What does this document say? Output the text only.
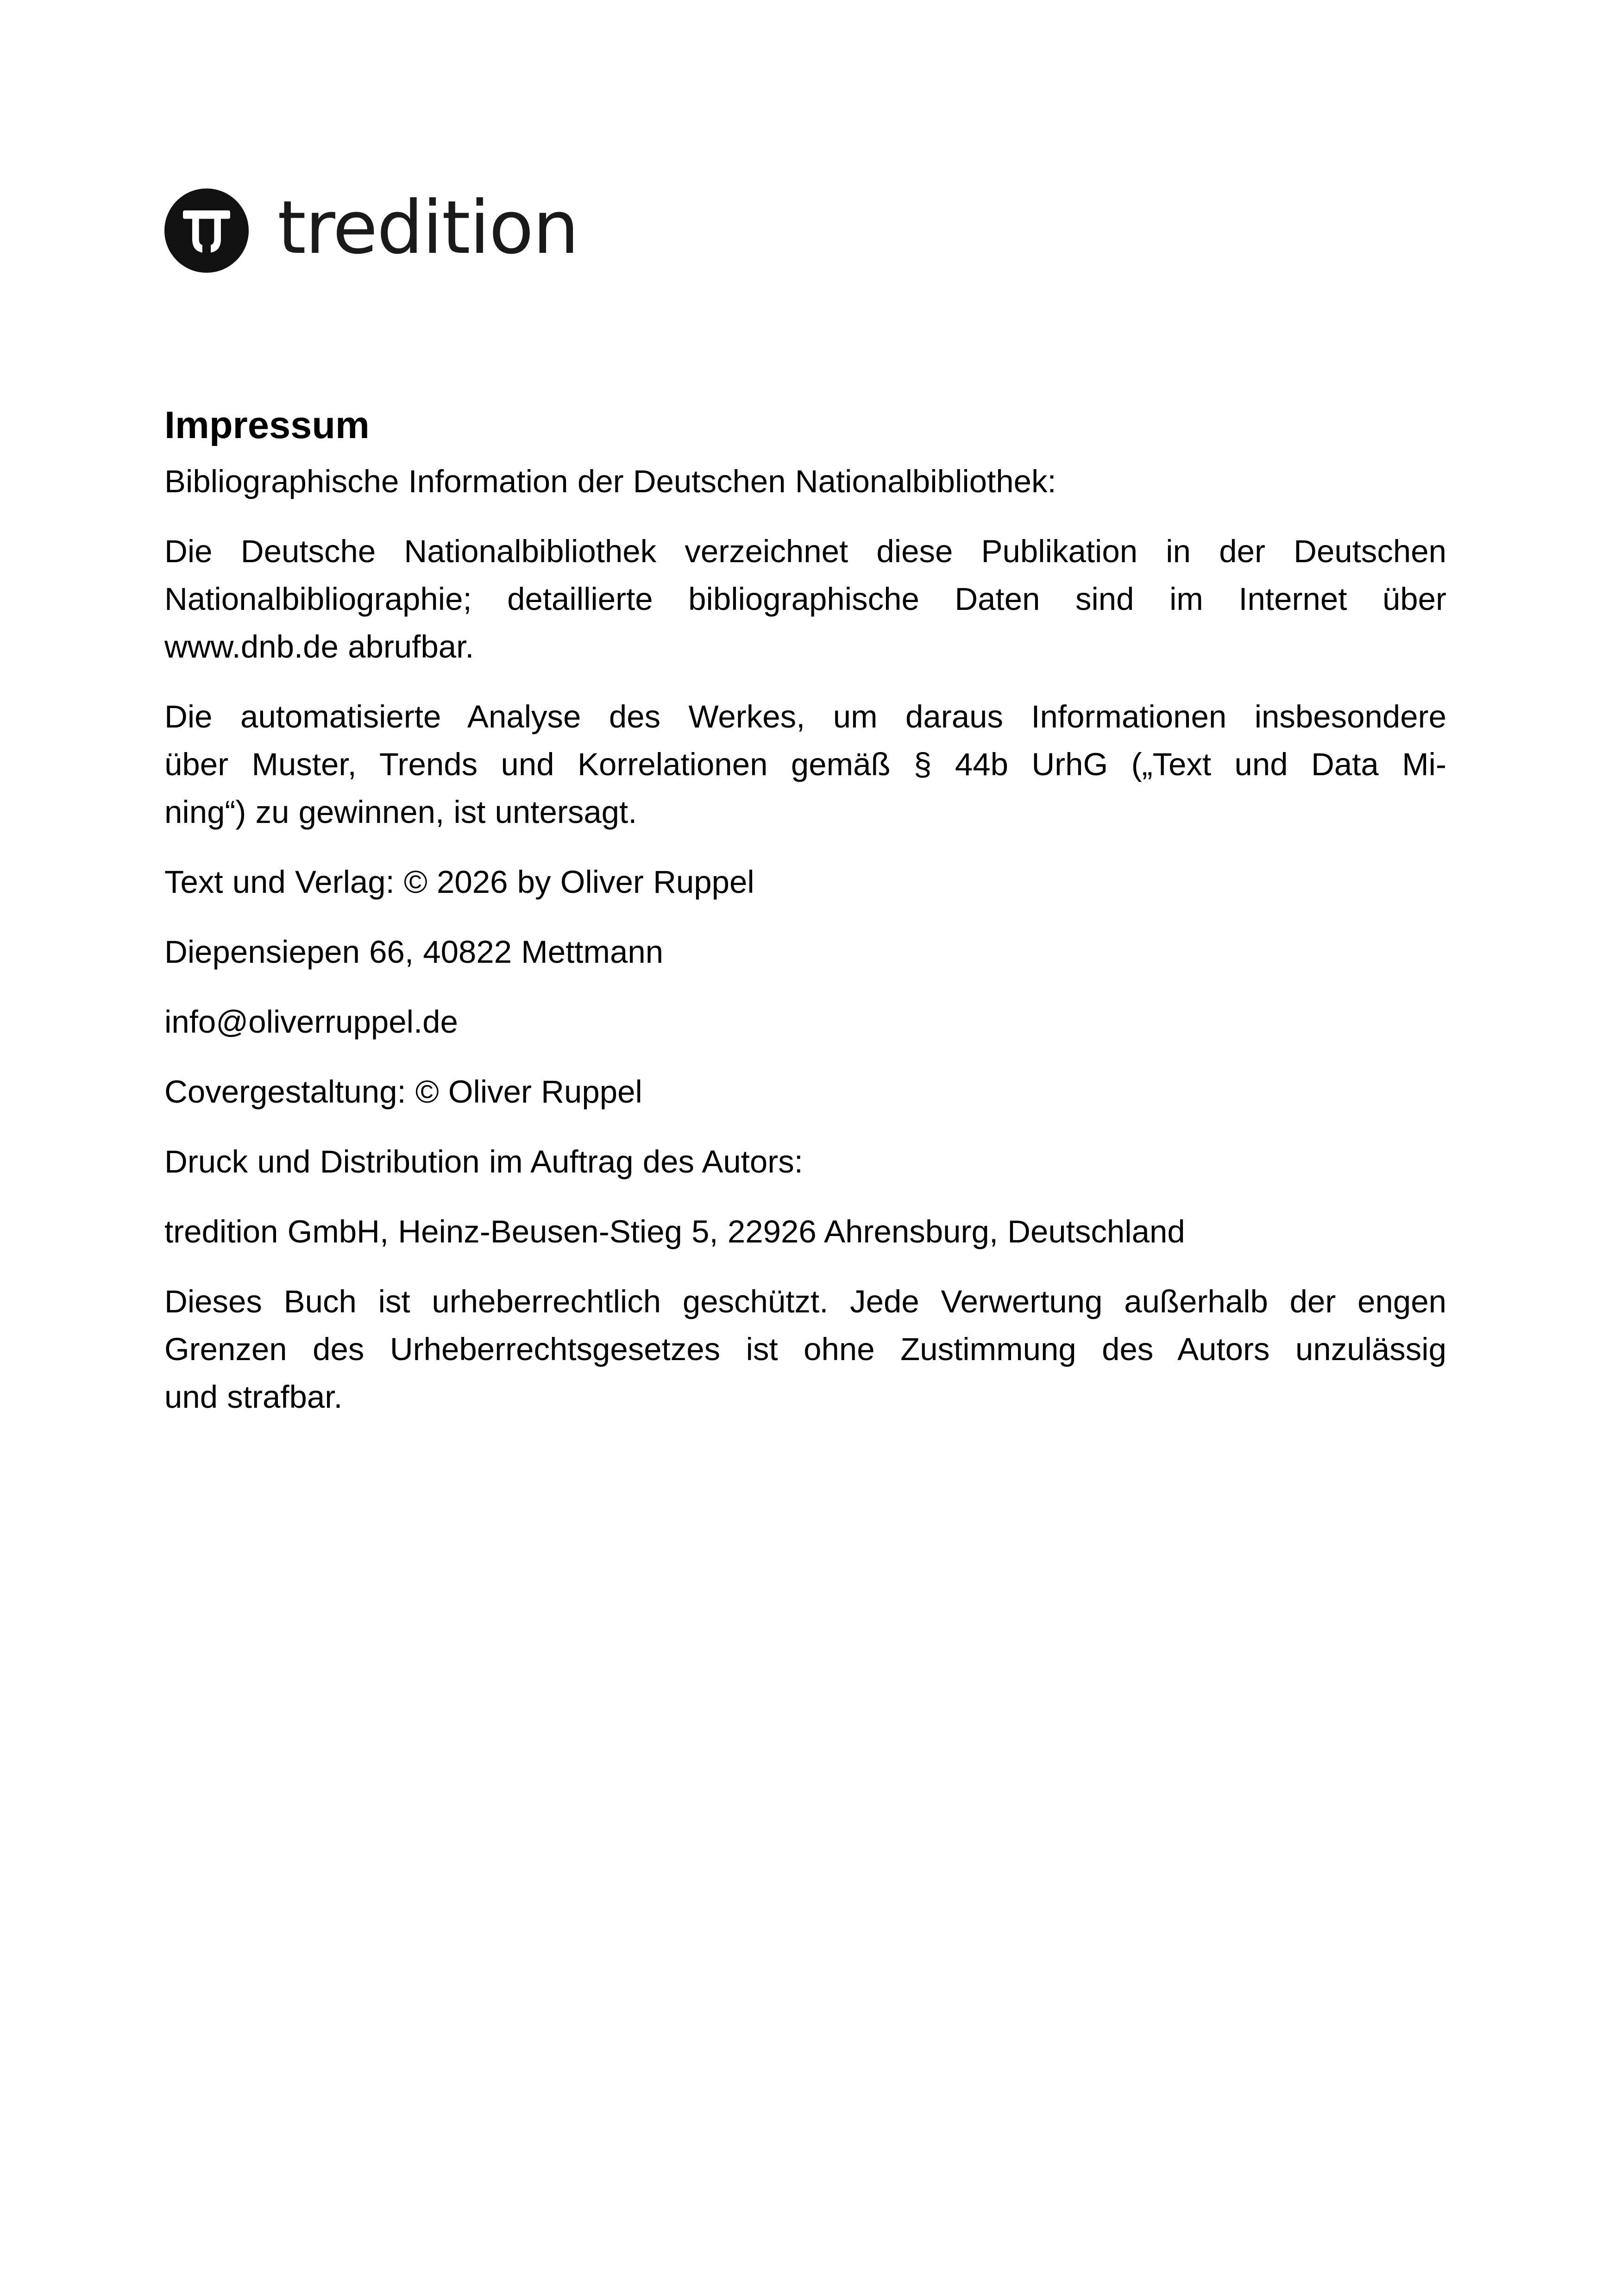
tredition
Impressum

Bibliographische Information der Deutschen Nationalbibliothek:

Die Deutsche Nationalbibliothek verzeichnet diese Publikation in der Deutschen
Nationalbibliographie; detaillierte bibliographische Daten sind im Internet über
www.dnb.de abrufbar.

Die automatisierte Analyse des Werkes, um daraus Informationen insbesondere
über Muster, Trends und Korrelationen gemäß § 44b UrhG („Text und Data Mi-
ning“) zu gewinnen, ist untersagt.

Text und Verlag: © 2026 by Oliver Ruppel

Diepensiepen 66, 40822 Mettmann

info@oliverruppel.de

Covergestaltung: © Oliver Ruppel

Druck und Distribution im Auftrag des Autors:

tredition GmbH, Heinz-Beusen-Stieg 5, 22926 Ahrensburg, Deutschland

Dieses Buch ist urheberrechtlich geschützt. Jede Verwertung außerhalb der engen
Grenzen des Urheberrechtsgesetzes ist ohne Zustimmung des Autors unzulässig
und strafbar.
